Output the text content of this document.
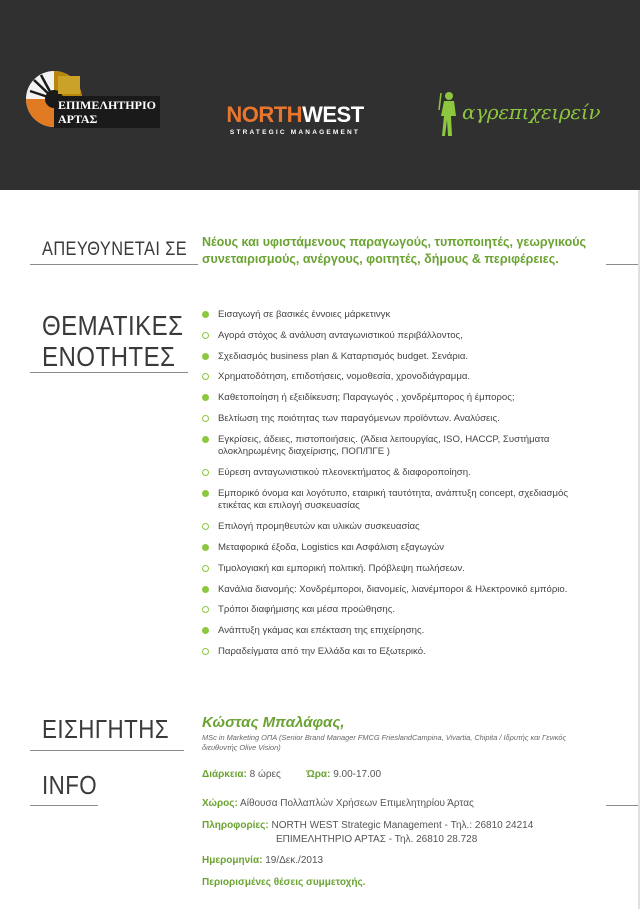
ΕΠΙΜΕΛΗΤΗΡΙΟ
ΑΡΤΑΣ	NORTHWEST
STRATEGIC MANAGEMENT
αγρεπιχειρείν
ΑΠΕΥΘΥΝΕΤΑΙ ΣΕ Νέους και υφιστάμενους παραγωγούς, τυποποιητές, γεωργικούς συνεταιρισμούς, ανέργους, φοιτητές, δήμους & περιφέρειες.
ΘΕΜΑΤΙΚΕΣ
ΕΝΟΤΗΤΕΣ
Εισαγωγή σε βασικές έννοιες μάρκετινγκ
Αγορά στόχος & ανάλυση ανταγωνιστικού περιβάλλοντος,
Σχεδιασμός business plan & Καταρτισμός budget. Σενάρια.
Χρηματοδότηση, επιδοτήσεις, νομοθεσία, χρονοδιάγραμμα.
Καθετοποίηση ή εξειδίκευση; Παραγωγός , χονδρέμπορος ή έμπορος;
Βελτίωση της ποιότητας των παραγόμενων προϊόντων. Αναλύσεις.
Εγκρίσεις, άδειες, πιστοποιήσεις. (Άδεια λειτουργίας, ISO, HACCP, Συστήματα ολοκληρωμένης διαχείρισης, ΠΟΠ/ΠΓΕ )
Εύρεση ανταγωνιστικού πλεονεκτήματος & διαφοροποίηση.
Εμπορικό όνομα και λογότυπο, εταιρική ταυτότητα, ανάπτυξη concept, σχεδιασμός ετικέτας και επιλογή συσκευασίας
Επιλογή προμηθευτών και υλικών συσκευασίας
Μεταφορικά έξοδα, Logistics και Ασφάλιση εξαγωγών
Τιμολογιακή και εμπορική πολιτική. Πρόβλεψη πωλήσεων.
Κανάλια διανομής: Χονδρέμποροι, διανομείς, λιανέμποροι & Ηλεκτρονικό εμπόριο.
Τρόποι διαφήμισης και μέσα προώθησης.
Ανάπτυξη γκάμας και επέκταση της επιχείρησης.
Παραδείγματα από την Ελλάδα και το Εξωτερικό.
ΕΙΣΗΓΗΤΗΣ Κώστας Μπαλάφας,
MSc in Marketing ΟΠΑ (Senior Brand Manager FMCG FrieslandCampina, Vivartia, Chipita / Ιδρυτής και Γενικός διευθυντής Olive Vision)
INFO	Διάρκεια: 8 ώρες	Ώρα: 9.00-17.00
Χώρος: Αίθουσα Πολλαπλών Χρήσεων Επιμελητηρίου Άρτας
Πληροφορίες: NORTH WEST Strategic Management - Τηλ.: 26810 24214
ΕΠΙΜΕΛΗΤΗΡΙΟ ΑΡΤΑΣ - Τηλ. 26810 28.728
Ημερομηνία: 19/Δεκ./2013
Περιορισμένες θέσεις συμμετοχής.
